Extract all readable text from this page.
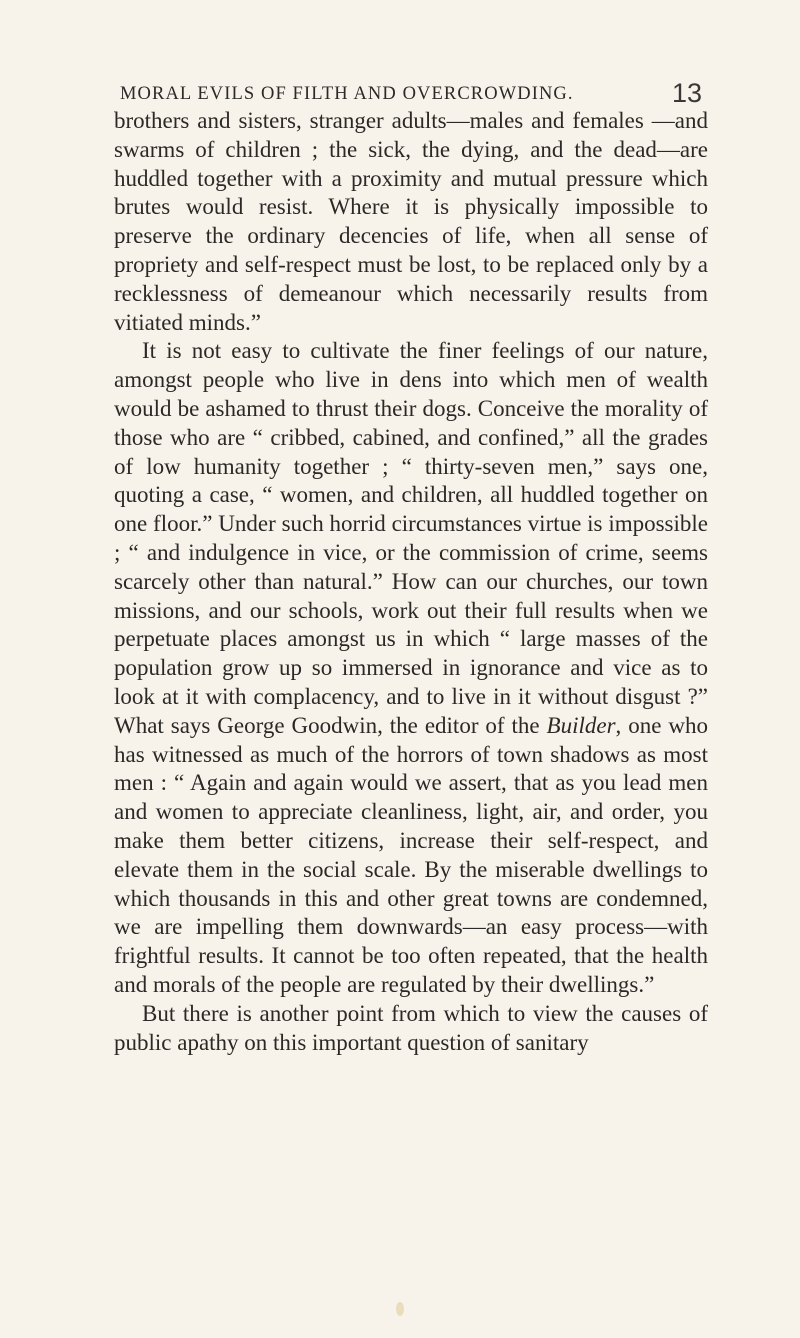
MORAL EVILS OF FILTH AND OVERCROWDING.	13

brothers and sisters, stranger adults—males and females —and swarms of children ; the sick, the dying, and the dead—are huddled together with a proximity and mutual pressure which brutes would resist. Where it is physically impossible to preserve the ordinary decencies of life, when all sense of propriety and self-respect must be lost, to be replaced only by a recklessness of demeanour which necessarily results from vitiated minds.”

It is not easy to cultivate the finer feelings of our nature, amongst people who live in dens into which men of wealth would be ashamed to thrust their dogs. Conceive the morality of those who are “ cribbed, cabined, and confined,” all the grades of low humanity together ; “ thirty-seven men,” says one, quoting a case, “ women, and children, all huddled together on one floor.” Under such horrid circumstances virtue is impossible ; “ and indulgence in vice, or the commission of crime, seems scarcely other than natural.” How can our churches, our town missions, and our schools, work out their full results when we perpetuate places amongst us in which “ large masses of the population grow up so immersed in ignorance and vice as to look at it with complacency, and to live in it without disgust ?” What says George Goodwin, the editor of the Builder, one who has witnessed as much of the horrors of town shadows as most men : “ Again and again would we assert, that as you lead men and women to appreciate cleanliness, light, air, and order, you make them better citizens, increase their self-respect, and elevate them in the social scale. By the miserable dwellings to which thousands in this and other great towns are condemned, we are impelling them downwards—an easy process—with frightful results. It cannot be too often repeated, that the health and morals of the people are regulated by their dwellings.”

But there is another point from which to view the causes of public apathy on this important question of sanitary
